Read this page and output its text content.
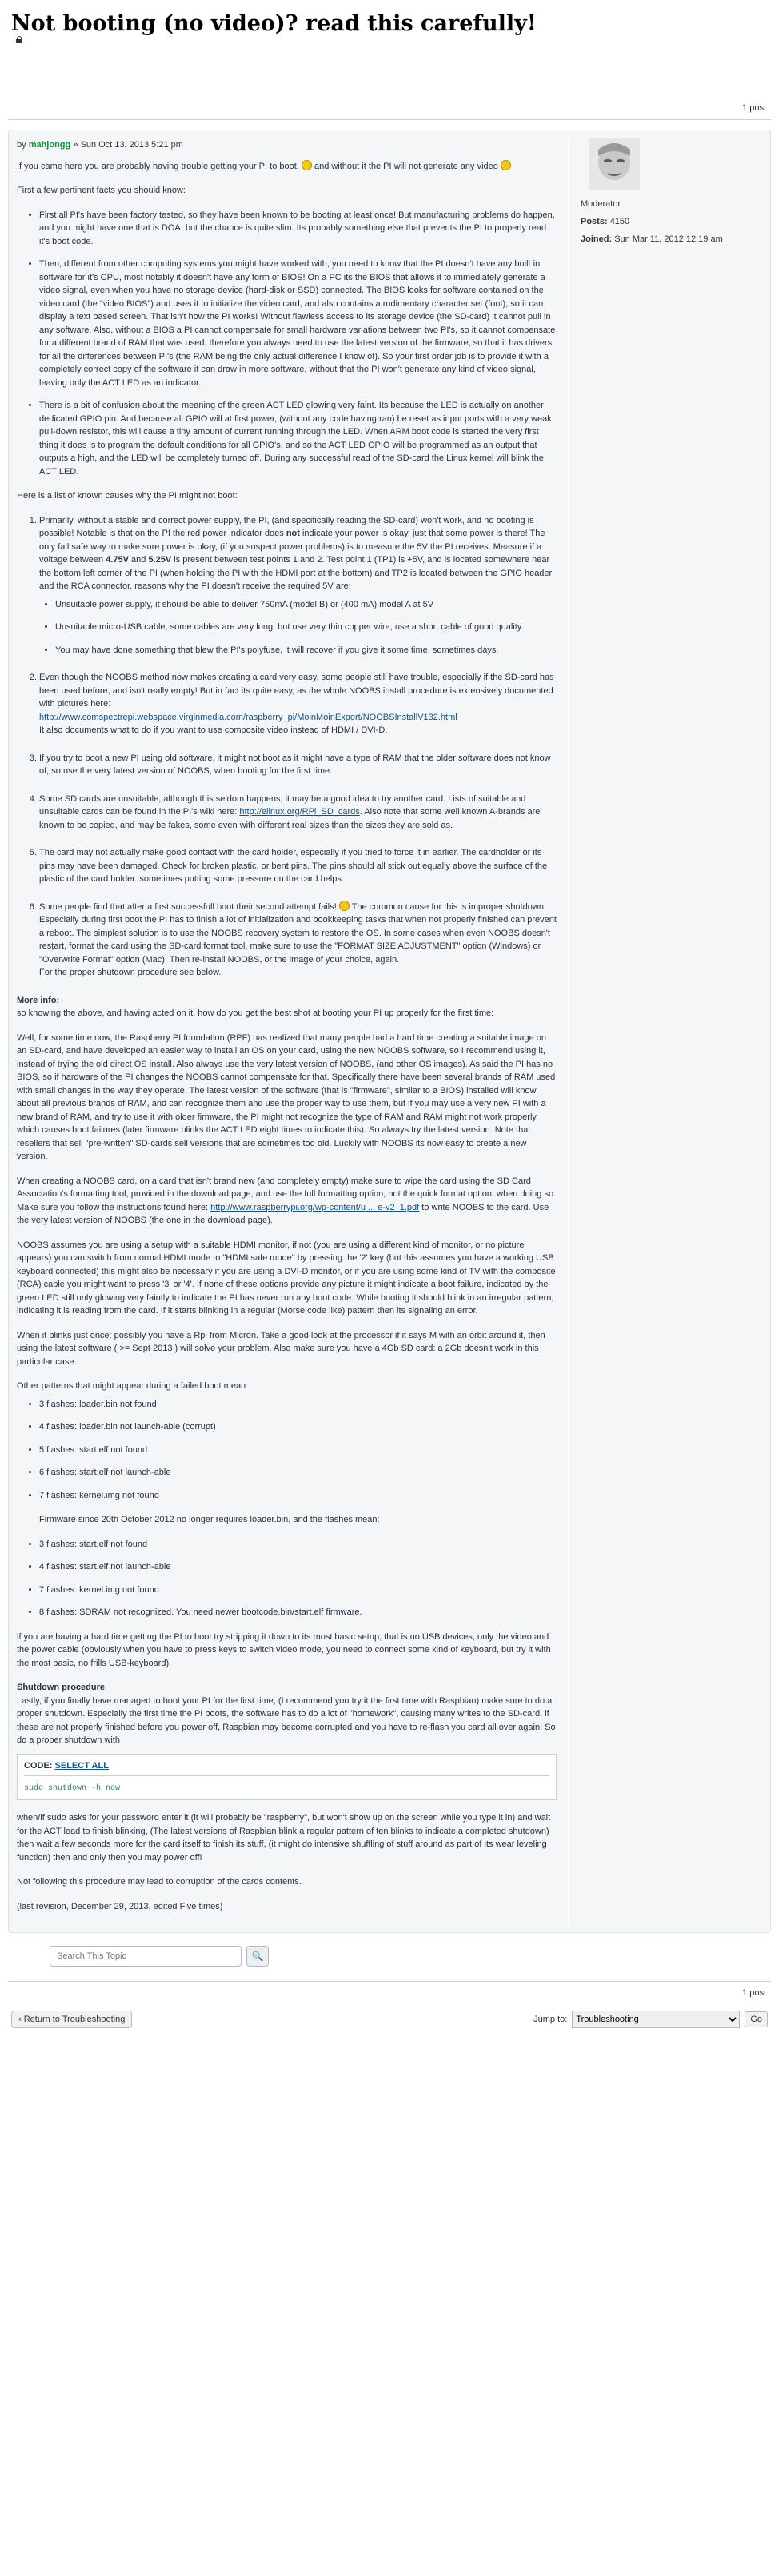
Not booting (no video)? read this carefully!
1 post
by mahjongg » Sun Oct 13, 2013 5:21 pm

If you came here you are probably having trouble getting your PI to boot, and without it the PI will not generate any video

First a few pertinent facts you should know:

• First all PI's have been factory tested, so they have been known to be booting at least once! But manufacturing problems do happen, and you might have one that is DOA, but the chance is quite slim. Its probably something else that prevents the PI to properly read it's boot code.
• Then, different from other computing systems you might have worked with, you need to know that the PI doesn't have any built in software for it's CPU, most notably it doesn't have any form of BIOS! On a PC its the BIOS that allows it to immediately generate a video signal, even when you have no storage device (hard-disk or SSD) connected. The BIOS looks for software contained on the video card (the "video BIOS") and uses it to initialize the video card, and also contains a rudimentary character set (font), so it can display a text based screen. That isn't how the PI works! Without flawless access to its storage device (the SD-card) it cannot pull in any software. Also, without a BIOS a PI cannot compensate for small hardware variations between two PI's, so it cannot compensate for a different brand of RAM that was used, therefore you always need to use the latest version of the firmware, so that it has drivers for all the differences between PI's (the RAM being the only actual difference I know of). So your first order job is to provide it with a completely correct copy of the software it can draw in more software, without that the PI won't generate any kind of video signal, leaving only the ACT LED as an indicator.
• There is a bit of confusion about the meaning of the green ACT LED glowing very faint. Its because the LED is actually on another dedicated GPIO pin. And because all GPIO will at first power, (without any code having ran) be reset as input ports with a very weak pull-down resistor, this will cause a tiny amount of current running through the LED. When ARM boot code is started the very first thing it does is to program the default conditions for all GPIO's, and so the ACT LED GPIO will be programmed as an output that outputs a high, and the LED will be completely turned off. During any successful read of the SD-card the Linux kernel will blink the ACT LED.

Here is a list of known causes why the PI might not boot:

1. Primarily, without a stable and correct power supply, the PI, (and specifically reading the SD-card) won't work, and no booting is possible! Notable is that on the PI the red power indicator does not indicate your power is okay, just that some power is there! The only fail safe way to make sure power is okay, (if you suspect power problems) is to measure the 5V the PI receives. Measure if a voltage between 4.75V and 5.25V is present between test points 1 and 2. Test point 1 (TP1) is +5V, and is located somewhere near the bottom left corner of the PI (when holding the PI with the HDMI port at the bottom) and TP2 is located between the GPIO header and the RCA connector. reasons why the PI doesn't receive the required 5V are:
• Unsuitable power supply, it should be able to deliver 750mA (model B) or (400 mA) model A at 5V
• Unsuitable micro-USB cable, some cables are very long, but use very thin copper wire, use a short cable of good quality.
• You may have done something that blew the PI's polyfuse, it will recover if you give it some time, sometimes days.
2. Even though the NOOBS method now makes creating a card very easy, some people still have trouble, especially if the SD-card has been used before, and isn't really empty! But in fact its quite easy, as the whole NOOBS install procedure is extensively documented with pictures here:
http://www.comspectrepi.webspace.virginmedia.com/raspberry_pi/MoinMoinExport/NOOBSInstallV132.html
It also documents what to do if you want to use composite video instead of HDMI / DVI-D.
3. If you try to boot a new PI using old software, it might not boot as it might have a type of RAM that the older software does not know of, so use the very latest version of NOOBS, when booting for the first time.
4. Some SD cards are unsuitable, although this seldom happens, it may be a good idea to try another card. Lists of suitable and unsuitable cards can be found in the PI's wiki here: http://elinux.org/RPi_SD_cards. Also note that some well known A-brands are known to be copied, and may be fakes, some even with different real sizes than the sizes they are sold as.
5. The card may not actually make good contact with the card holder, especially if you tried to force it in earlier. The cardholder or its pins may have been damaged. Check for broken plastic, or bent pins. The pins should all stick out equally above the surface of the plastic of the card holder. sometimes putting some pressure on the card helps.
6. Some people find that after a first successfull boot their second attempt fails! The common cause for this is improper shutdown. Especially during first boot the PI has to finish a lot of initialization and bookkeeping tasks that when not properly finished can prevent a reboot. The simplest solution is to use the NOOBS recovery system to restore the OS. In some cases when even NOOBS doesn't restart, format the card using the SD-card format tool, make sure to use the "FORMAT SIZE ADJUSTMENT" option (Windows) or "Overwrite Format" option (Mac). Then re-install NOOBS, or the image of your choice, again.
For the proper shutdown procedure see below.
More info:

so knowing the above, and having acted on it, how do you get the best shot at booting your PI up properly for the first time:

Well, for some time now, the Raspberry PI foundation (RPF) has realized that many people had a hard time creating a suitable image on an SD-card, and have developed an easier way to install an OS on your card, using the new NOOBS software, so I recommend using it, instead of trying the old direct OS install. Also always use the very latest version of NOOBS, (and other OS images). As said the PI has no BIOS, so if hardware of the PI changes the NOOBS cannot compensate for that. Specifically there have been several brands of RAM used with small changes in the way they operate. The latest version of the software (that is "firmware", similar to a BIOS) installed will know about all previous brands of RAM, and can recognize them and use the proper way to use them, but if you may use a very new PI with a new brand of RAM, and try to use it with older firmware, the PI might not recognize the type of RAM and RAM might not work properly which causes boot failures (later firmware blinks the ACT LED eight times to indicate this). So always try the latest version. Note that resellers that sell "pre-written" SD-cards sell versions that are sometimes too old. Luckily with NOOBS its now easy to create a new version.

When creating a NOOBS card, on a card that isn't brand new (and completely empty) make sure to wipe the card using the SD Card Association's formatting tool, provided in the download page, and use the full formatting option, not the quick format option, when doing so. Make sure you follow the instructions found here: http://www.raspberrypi.org/wp-content/u ... e-v2_1.pdf to write NOOBS to the card. Use the very latest version of NOOBS (the one in the download page).

NOOBS assumes you are using a setup with a suitable HDMI monitor, if not (you are using a different kind of monitor, or no picture appears) you can switch from normal HDMI mode to "HDMI safe mode" by pressing the '2' key (but this assumes you have a working USB keyboard connected) this might also be necessary if you are using a DVI-D monitor, or if you are using some kind of TV with the composite (RCA) cable you might want to press '3' or '4'. If none of these options provide any picture it might indicate a boot failure, indicated by the green LED still only glowing very faintly to indicate the PI has never run any boot code. While booting it should blink in an irregular pattern, indicating it is reading from the card. If it starts blinking in a regular (Morse code like) pattern then its signaling an error.

When it blinks just once: possibly you have a Rpi from Micron. Take a good look at the processor if it says M with an orbit around it, then using the latest software ( >= Sept 2013 ) will solve your problem. Also make sure you have a 4Gb SD card: a 2Gb doesn't work in this particular case.

Other patterns that might appear during a failed boot mean:

• 3 flashes: loader.bin not found
• 4 flashes: loader.bin not launch-able (corrupt)
• 5 flashes: start.elf not found
• 6 flashes: start.elf not launch-able
• 7 flashes: kernel.img not found

Firmware since 20th October 2012 no longer requires loader.bin, and the flashes mean:

• 3 flashes: start.elf not found
• 4 flashes: start.elf not launch-able
• 7 flashes: kernel.img not found
• 8 flashes: SDRAM not recognized. You need newer bootcode.bin/start.elf firmware.

if you are having a hard time getting the PI to boot try stripping it down to its most basic setup, that is no USB devices, only the video and the power cable (obviously when you have to press keys to switch video mode, you need to connect some kind of keyboard, but try it with the most basic, no frills USB-keyboard).

Shutdown procedure

Lastly, if you finally have managed to boot your PI for the first time, (I recommend you try it the first time with Raspbian) make sure to do a proper shutdown. Especially the first time the PI boots, the software has to do a lot of "homework", causing many writes to the SD-card, if these are not properly finished before you power off, Raspbian may become corrupted and you have to re-flash you card all over again! So do a proper shutdown with

CODE: SELECT ALL
sudo shutdown -h now

when/if sudo asks for your password enter it (it will probably be "raspberry", but won't show up on the screen while you type it in) and wait for the ACT lead to finish blinking, (The latest versions of Raspbian blink a regular pattern of ten blinks to indicate a completed shutdown) then wait a few seconds more for the card itself to finish its stuff, (it might do intensive shuffling of stuff around as part of its wear leveling function) then and only then you may power off!

Not following this procedure may lead to corruption of the cards contents.

(last revision, December 29, 2013, edited Five times)

Moderator
Posts: 4150
Joined: Sun Mar 11, 2012 12:19 am
Search This Topic
🔍
1 post
‹ Return to Troubleshooting	Jump to:
Troubleshooting	Go
